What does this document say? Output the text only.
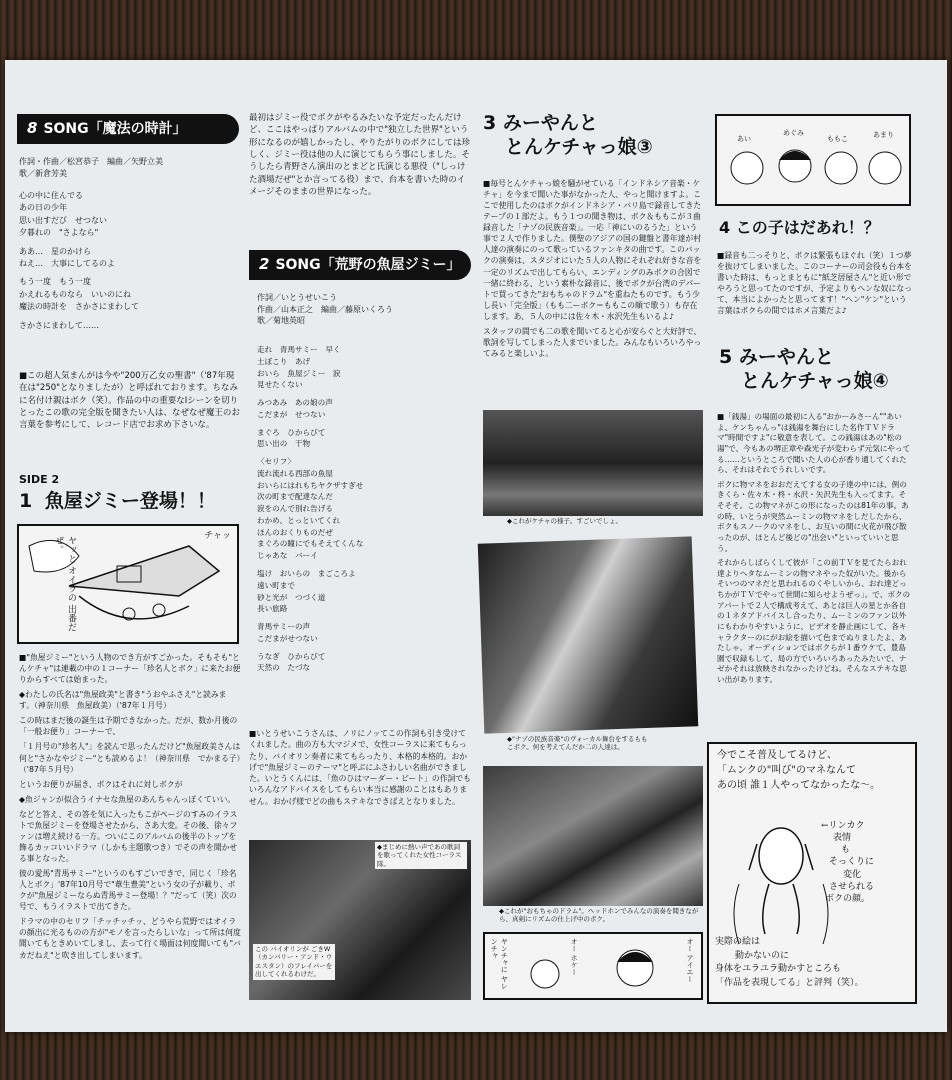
8 SONG「魔法の時計」
作詞・作曲／松宮恭子　編曲／矢野立美
歌／新倉芳美
心の中に住んでる
あの日の少年
思い出すだび　せつない
夕暮れの　"さよなら"
ああ…　星のかけら
ねえ…　大事にしてるのよ
もう一度　もう一度
かえれるものなら　いいのにね
魔法の時計を　さかさにまわして
さかさにまわして……
■この超人気まんがは今や"200万乙女の聖書"（'87年現在は"250"となりましたが）と呼ばれております。ちなみに名付け親はボク（笑）。作品の中の重要なⅠシーンを切りとったこの歌の完全版を聞きたい人は、なぜなぜ魔王のお言葉を参考にして、レコード店でお求め下さいな。
SIDE 2
1 魚屋ジミー登場！！
ヤッと オイラの 出番だぜ。	チャッ

■"魚屋ジミー"という人物のでき方がすごかった。そもそも"とんケチャ"は連載の中の１コーナー「珍名人とボク」に来たお便りからすべては始まった。

◆わたしの氏名は"魚屋政美"と書き"うおやふさえ"と読みます。（神奈川県　魚屋政美）（'87年１月号）

この時はまだ後の誕生は予期できなかった。だが、数か月後の「一般お便り」コーナーで、

「１月号の"珍名人"」を読んで思ったんだけど"魚屋政美さんは何と"さかなやジミー"とも読めるよ！（神奈川県　でかまる子）（'87年５月号）

というお便りが届き、ボクはそれに対しボクが

◆魚ジャンが似合うイナセな魚屋のあんちゃんっぽくていい。

などと答え、その答を気に入ったもこがページのすみのイラストで魚屋ジミーを登場させたから、さあ大変。その後、徐々ファンは増え続ける一方。ついにこのアルバムの後半のトップを飾るカッコいいドラマ（しかも主題歌つき）でその声を聞かせる事となった。

彼の愛馬"青馬サミー"というのもすごいできで、同じく「珍名人とボク」'87年10月号で"葦生豊美"という女の子が載り、ボクが"魚屋ジミーならぬ青馬サミー登場！？"だって（笑）次の号で、もうイラストで出てきた。

ドラマの中のセリフ「チッチッチッ、どうやら荒野ではオイラの顔出に光るものの方が"モノを言ったらしいな」って所は何度聞いてもときめいてしまし、去って行く場面は何度聞いても"バカだねえ"と吹き出してしまいます。

最初はジミー役でボクがやるみたいな予定だったんだけど、ここはやっぱりアルバムの中で"独立した世界"という形になるのが嬉しかったし、やりたがりのボクにしては珍しく、ジミー役は他の人に演じてもらう事にしました。そうしたら青野さん演出のとまどと氏演じる悪役（"しっけた酒場だぜ"とか言ってる役）まで、台本を書いた時のイメージそのままの世界になった。
2 SONG「荒野の魚屋ジミー」
作詞／いとうせいこう
作曲／山本正之　編曲／藤原いくろう
歌／菊地英昭
走れ　青馬サミー　早く
土ぼこり　あげ
おいら　魚屋ジミー　涙
見せたくない
みつあみ　あの娘の声
こだまが　せつない
まぐろ　ひからびて
思い出の　干物
〈セリフ〉
流れ流れる西部の魚屋
おいらにはれもちヤクザすぎせ
次の町まで配達なんだ
涙をのんで別れ告げる
わかめ、とっといてくれ
ほんのおくりものだぜ
まぐろの瞳にでもそえてくんな
じゃあな　バーイ
塩け　おいらの　まごころよ
遠い町まで
砂と光が　つづく道
長い旅路
青馬サミーの声
こだまがせつない
うなぎ　ひからびて
天然の　たづな
■いとうせいこうさんは、ノリにノッてこの作詞も引き受けてくれました。曲の方も大マジメで、女性コーラスに来てもらったり、バイオリン奏者に来てもらったり、本格的本格的。おかげで"魚屋ジミーのテーマ"と呼ぶにふさわしい名曲ができました。いとうくんには、「魚のひはマーダー・ビート」の作詞でもいろんなアドバイスをしてもらい本当に感謝のことはもありません。おかげ様でどの曲もステキなできばえとなりました。
◆まじめに熱い声であの歌詞を歌ってくれた女性コーラス隊。
この バイオリンが ごきW（カンバリー・アンド・ウエスタン）のフレイバーを出してくれるわけだ。
3 みーやんと
とんケチャっ娘③

■毎号とんケチャっ娘を騒がせている「インドネシア音楽・ケチャ」を今まで聞いた事がなかった人、やっと聞けますよ。ここで使用したのはボクがインドネシア・バリ島で録音してきたテープの１部だよ。もう１つの聞き物は、ボク＆ももこが３曲録音した「ナゾの民族音楽」。一応「神にいのるうた」という事で２人で作りました。僕聖のアジアの国の鍵盤と書年達が村人達の演奏にのって歌っているファンキタの曲です。このバックの演奏は、スタジオにいた５人の人物にそれぞれ好きな音を一定のリズムで出してもらい、エンディングのみボクの合図で一緒に終わる、という素朴な録音に、後でボクが台湾のデパートで買ってきた"おもちゃのドラム"を重ねたものです。もう少し長い「完全版」（もも二ーボク＝ももこの順で歌う）も存在します。あ、５人の中には佐々木・水沢先生もいるよ♪

スタッフの間でも二の歌を聞いてると心が安らぐと大好評で、歌詞を写してしまった人までいました。みんなもいろいろやってみると楽しいよ。

◆これがケチャの様子。すごいでしょ。
◆"ナゾの民族音楽"のヴォーカル舞台をするももこボク。何を考えてんだか二の人達は。
◆これが"おもちゃのドラム"。ヘッドホンでみんなの演奏を聞きながら、真剣にリズムの仕上げ中のボク。
ヤンチャに ヤレンチャ	オー ホケー	オー アイエー
あい
めぐみ
ももこ	あまり
4 この子はだあれ！？
■録音も二っそりと、ボクは緊張もほぐれ（笑）１つ夢を抜けてしまいました。このコーナーの司会役も台本を書いた時は、もっとまともに"紙芝居屋さん"と近い形でやろうと思ってたのですが、予定よりもヘンな奴になって、本当によかったと思ってます！"ヘン"ケン"という言葉はボクらの間ではホメ言葉だよ♪
5 みーやんと
とんケチャっ娘④

■「銭湯」の場面の最初に入る"おかーみさーん""あいよ、ケンちゃんっ"は銭湯を舞台にした名作ＴＶドラマ"時間ですよ"に敬意を表して。この銭湯はあの"松の湯"で、今もあの堺正章や森光子が変わらず元気にやってる……というところで聞いた人の心が香り通してくれたら、それはそれでうれしいです。

ボクに物マネをおおだえてする女の子達の中には、例のきくら・佐々木・柊・水沢・矢沢先生も入ってます。そそそそ。この物マネがこの形になったのは81年の事。あの時、いとうが突然ムーミンの物マネをしだしたから、ボクもスノークのマネをし、お互いの間に火花が飛び散ったのが、ほとんど後どの"出会い"といっていいと思う。

それからしばらくして彼が「この前ＴＶを見てたらおれ達よりへタなムーミンの物マネやった奴がいた。後からそいつのマネだと思われるのくやしいから、おれ達どっちかがＴＶでやって世間に知らせようぜっ」。で、ボクのアパートで２人で構成考えて、あとは巨人の星とか各自の１ネタアドバイスし合ったり、ムーミンのファン以外にもわかりやすいように、ビデオを静止画にして、各キャラクターのにがお絵を描いて色までぬりましたよ、あたしゃ。オーディションではボクらが１番ウケて、豊島園で収録もして、局の方でいろいろあったみたいで、ナゼかそれは放映されなかったけどね。そんなステキな思い出があります。

今でこそ普及してるけど、
「ムンクの"叫び"のマネなんて
あの頃 誰１人やってなかったな〜。
←リンカク
表情
も
そっくりに
変化
させられる
ボクの顔。
実際の絵は
動かないのに
身体をユラユラ動かすところも
「作品を表現してる」と評判（笑）。
